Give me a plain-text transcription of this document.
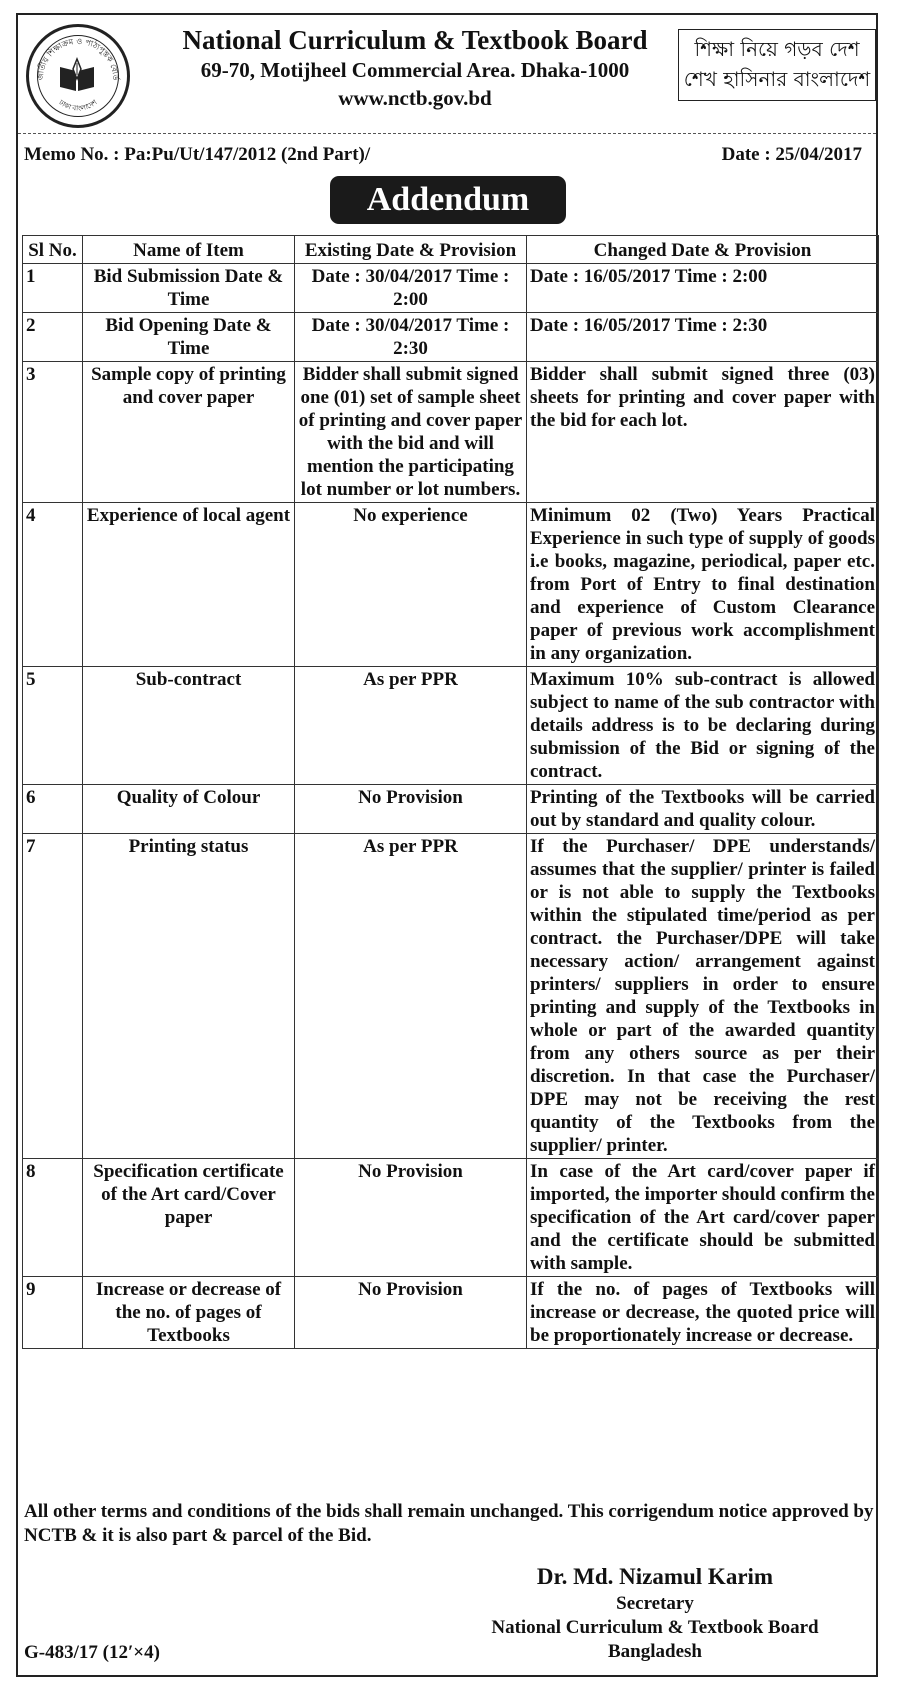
জাতীয় শিক্ষাক্রম ও পাঠ্যপুস্তক বোর্ড
ঢাকা বাংলাদেশ
National Curriculum & Textbook Board
69-70, Motijheel Commercial Area. Dhaka-1000
www.nctb.gov.bd
শিক্ষা নিয়ে গড়ব দেশ
শেখ হাসিনার বাংলাদেশ
Memo No. : Pa:Pu/Ut/147/2012 (2nd Part)/	Date : 25/04/2017
Addendum
Sl No.	Name of Item	Existing Date & Provision	Changed Date & Provision
1	Bid Submission Date & Time	Date : 30/04/2017 Time : 2:00	Date : 16/05/2017 Time : 2:00
2	Bid Opening Date & Time	Date : 30/04/2017 Time : 2:30	Date : 16/05/2017 Time : 2:30
3	Sample copy of printing and cover paper	Bidder shall submit signed one (01) set of sample sheet of printing and cover paper with the bid and will mention the participating lot number or lot numbers.	Bidder shall submit signed three (03) sheets for printing and cover paper with the bid for each lot.
4	Experience of local agent	No experience	Minimum 02 (Two) Years Practical Experience in such type of supply of goods i.e books, magazine, periodical, paper etc. from Port of Entry to final destination and experience of Custom Clearance paper of previous work accomplishment in any organization.
5	Sub-contract	As per PPR	Maximum 10% sub-contract is allowed subject to name of the sub contractor with details address is to be declaring during submission of the Bid or signing of the contract.
6	Quality of Colour	No Provision	Printing of the Textbooks will be carried out by standard and quality colour.
7	Printing status	As per PPR	If the Purchaser/ DPE understands/ assumes that the supplier/ printer is failed or is not able to supply the Textbooks within the stipulated time/period as per contract. the Purchaser/DPE will take necessary action/ arrangement against printers/ suppliers in order to ensure printing and supply of the Textbooks in whole or part of the awarded quantity from any others source as per their discretion. In that case the Purchaser/ DPE may not be receiving the rest quantity of the Textbooks from the supplier/ printer.
8	Specification certificate of the Art card/Cover paper	No Provision	In case of the Art card/cover paper if imported, the importer should confirm the specification of the Art card/cover paper and the certificate should be submitted with sample.
9	Increase or decrease of the no. of pages of Textbooks	No Provision	If the no. of pages of Textbooks will increase or decrease, the quoted price will be proportionately increase or decrease.
All other terms and conditions of the bids shall remain unchanged. This corrigendum notice approved by NCTB & it is also part & parcel of the Bid.
Dr. Md. Nizamul Karim
Secretary
National Curriculum & Textbook Board
Bangladesh
G-483/17 (12′×4)
